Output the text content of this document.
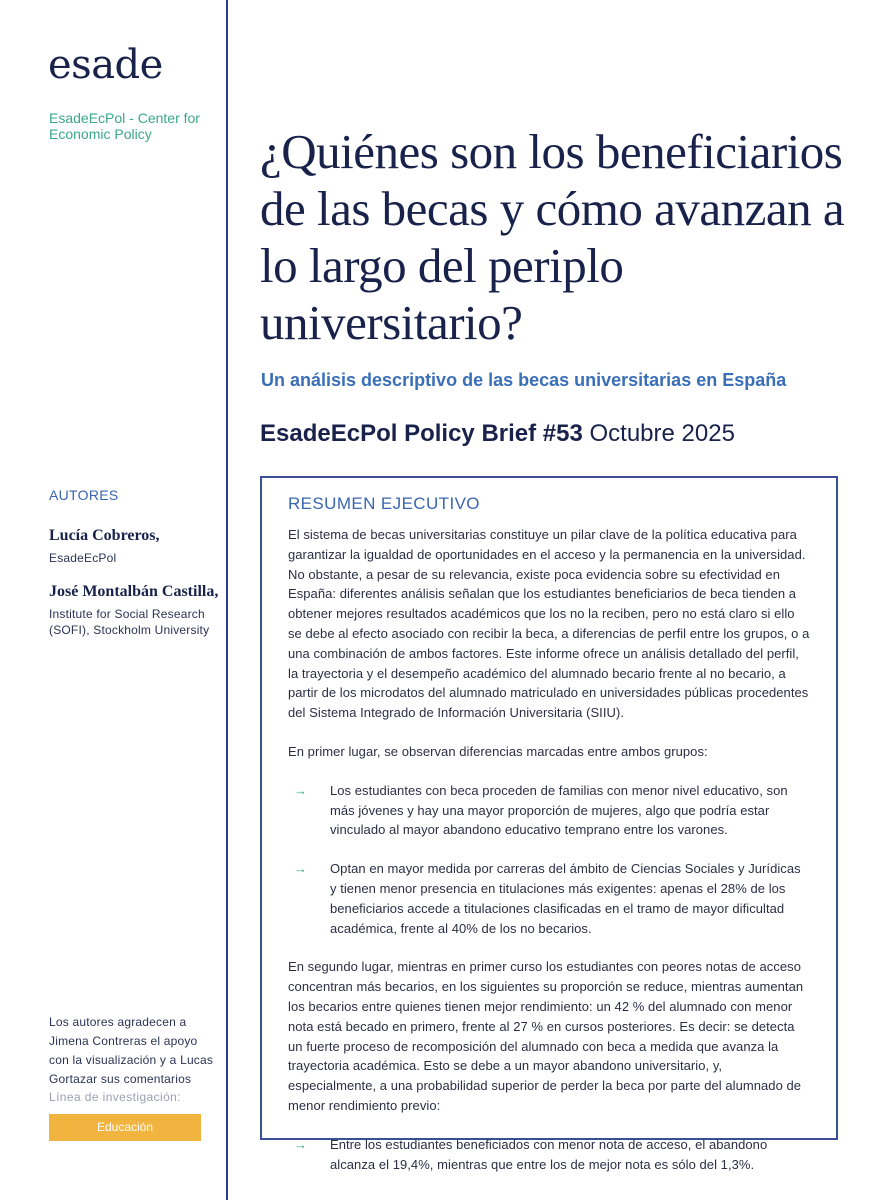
esade
EsadeEcPol - Center for Economic Policy
AUTORES
Lucía Cobreros,
EsadeEcPol
José Montalbán Castilla,
Institute for Social Research (SOFI), Stockholm University
Los autores agradecen a Jimena Contreras el apoyo con la visualización y a Lucas Gortazar sus comentarios
Línea de investigación:
Educación
¿Quiénes son los beneficiarios de las becas y cómo avanzan a lo largo del periplo universitario?
Un análisis descriptivo de las becas universitarias en España
EsadeEcPol Policy Brief #53 Octubre 2025
RESUMEN EJECUTIVO

El sistema de becas universitarias constituye un pilar clave de la política educativa para garantizar la igualdad de oportunidades en el acceso y la permanencia en la universidad. No obstante, a pesar de su relevancia, existe poca evidencia sobre su efectividad en España: diferentes análisis señalan que los estudiantes beneficiarios de beca tienden a obtener mejores resultados académicos que los no la reciben, pero no está claro si ello se debe al efecto asociado con recibir la beca, a diferencias de perfil entre los grupos, o a una combinación de ambos factores. Este informe ofrece un análisis detallado del perfil, la trayectoria y el desempeño académico del alumnado becario frente al no becario, a partir de los microdatos del alumnado matriculado en universidades públicas procedentes del Sistema Integrado de Información Universitaria (SIIU).

En primer lugar, se observan diferencias marcadas entre ambos grupos:

→ Los estudiantes con beca proceden de familias con menor nivel educativo, son más jóvenes y hay una mayor proporción de mujeres, algo que podría estar vinculado al mayor abandono educativo temprano entre los varones.
→ Optan en mayor medida por carreras del ámbito de Ciencias Sociales y Jurídicas y tienen menor presencia en titulaciones más exigentes: apenas el 28% de los beneficiarios accede a titulaciones clasificadas en el tramo de mayor dificultad académica, frente al 40% de los no becarios.

En segundo lugar, mientras en primer curso los estudiantes con peores notas de acceso concentran más becarios, en los siguientes su proporción se reduce, mientras aumentan los becarios entre quienes tienen mejor rendimiento: un 42 % del alumnado con menor nota está becado en primero, frente al 27 % en cursos posteriores. Es decir: se detecta un fuerte proceso de recomposición del alumnado con beca a medida que avanza la trayectoria académica. Esto se debe a un mayor abandono universitario, y, especialmente, a una probabilidad superior de perder la beca por parte del alumnado de menor rendimiento previo:

→ Entre los estudiantes beneficiados con menor nota de acceso, el abandono alcanza el 19,4%, mientras que entre los de mejor nota es sólo del 1,3%.
